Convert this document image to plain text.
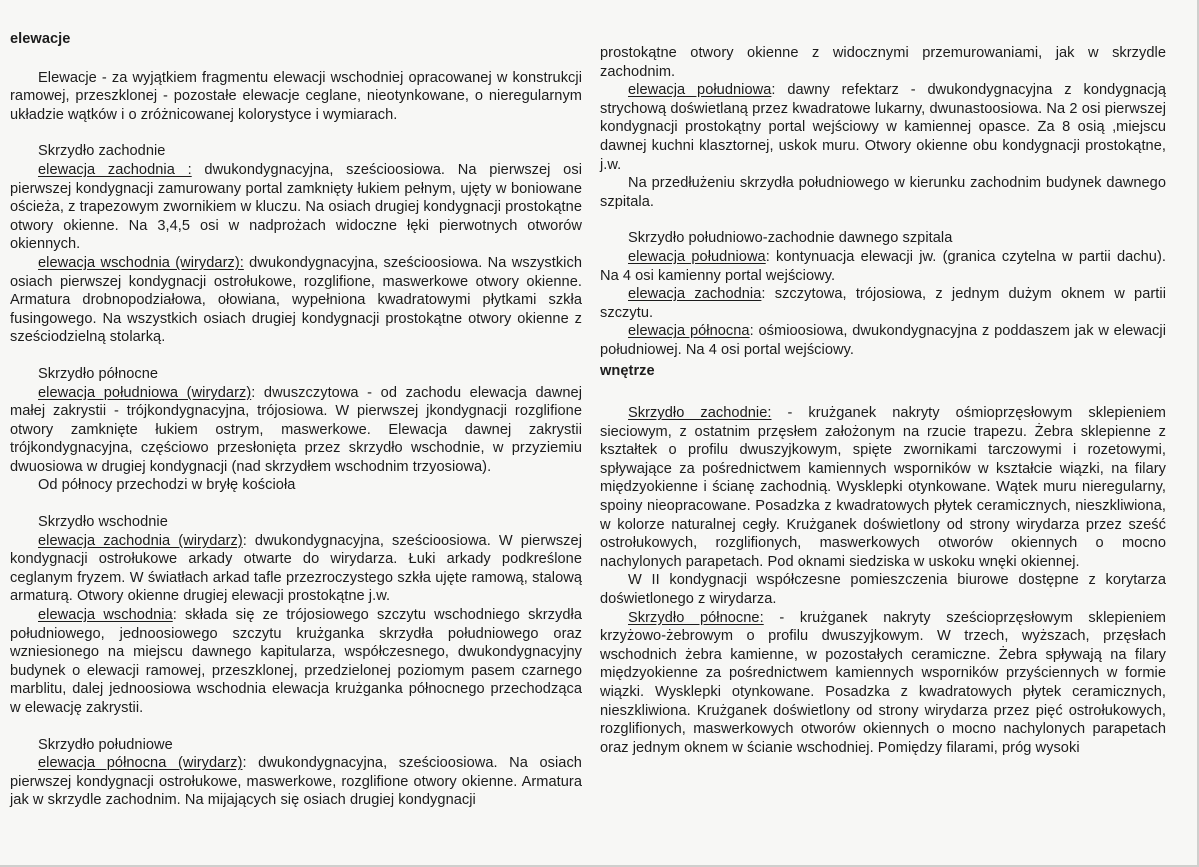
elewacje

Elewacje - za wyjątkiem fragmentu elewacji wschodniej opracowanej w konstrukcji ramowej, przeszklonej - pozostałe elewacje ceglane, nieotynkowane, o nieregularnym układzie wątków i o zróżnicowanej kolorystyce i wymiarach.

Skrzydło zachodnie

elewacja zachodnia : dwukondygnacyjna, sześcioosiowa. Na pierwszej osi pierwszej kondygnacji zamurowany portal zamknięty łukiem pełnym, ujęty w boniowane ościeża, z trapezowym zwornikiem w kluczu. Na osiach drugiej kondygnacji prostokątne otwory okienne. Na 3,4,5 osi w nadprożach widoczne łęki pierwotnych otworów okiennych.

elewacja wschodnia (wirydarz): dwukondygnacyjna, sześcioosiowa. Na wszystkich osiach pierwszej kondygnacji ostrołukowe, rozglifione, maswerkowe otwory okienne. Armatura drobnopodziałowa, ołowiana, wypełniona kwadratowymi płytkami szkła fusingowego. Na wszystkich osiach drugiej kondygnacji prostokątne otwory okienne z sześciodzielną stolarką.

Skrzydło północne

elewacja południowa (wirydarz): dwuszczytowa - od zachodu elewacja dawnej małej zakrystii - trójkondygnacyjna, trójosiowa. W pierwszej jkondygnacji rozglifione otwory zamknięte łukiem ostrym, maswerkowe. Elewacja dawnej zakrystii trójkondygnacyjna, częściowo przesłonięta przez skrzydło wschodnie, w przyziemiu dwuosiowa w drugiej kondygnacji (nad skrzydłem wschodnim trzyosiowa).

Od północy przechodzi w bryłę kościoła

Skrzydło wschodnie

elewacja zachodnia (wirydarz): dwukondygnacyjna, sześcioosiowa. W pierwszej kondygnacji ostrołukowe arkady otwarte do wirydarza. Łuki arkady podkreślone ceglanym fryzem. W światłach arkad tafle przezroczystego szkła ujęte ramową, stalową armaturą. Otwory okienne drugiej elewacji prostokątne j.w.

elewacja wschodnia: składa się ze trójosiowego szczytu wschodniego skrzydła południowego, jednoosiowego szczytu krużganka skrzydła południowego oraz wzniesionego na miejscu dawnego kapitularza, współczesnego, dwukondygnacyjny budynek o elewacji ramowej, przeszklonej, przedzielonej poziomym pasem czarnego marblitu, dalej jednoosiowa wschodnia elewacja krużganka północnego przechodząca w elewację zakrystii.

Skrzydło południowe

elewacja północna (wirydarz): dwukondygnacyjna, sześcioosiowa. Na osiach pierwszej kondygnacji ostrołukowe, maswerkowe, rozglifione otwory okienne. Armatura jak w skrzydle zachodnim. Na mijających się osiach drugiej kondygnacji

prostokątne otwory okienne z widocznymi przemurowaniami, jak w skrzydle zachodnim.

elewacja południowa: dawny refektarz - dwukondygnacyjna z kondygnacją strychową doświetlaną przez kwadratowe lukarny, dwunastoosiowa. Na 2 osi pierwszej kondygnacji prostokątny portal wejściowy w kamiennej opasce. Za 8 osią ,miejscu dawnej kuchni klasztornej, uskok muru. Otwory okienne obu kondygnacji prostokątne, j.w.

Na przedłużeniu skrzydła południowego w kierunku zachodnim budynek dawnego szpitala.

Skrzydło południowo-zachodnie dawnego szpitala

elewacja południowa: kontynuacja elewacji jw. (granica czytelna w partii dachu). Na 4 osi kamienny portal wejściowy.

elewacja zachodnia: szczytowa, trójosiowa, z jednym dużym oknem w partii szczytu.

elewacja północna: ośmioosiowa, dwukondygnacyjna z poddaszem jak w elewacji południowej. Na 4 osi portal wejściowy.

wnętrze

Skrzydło zachodnie: - krużganek nakryty ośmioprzęsłowym sklepieniem sieciowym, z ostatnim przęsłem założonym na rzucie trapezu. Żebra sklepienne z kształtek o profilu dwuszyjkowym, spięte zwornikami tarczowymi i rozetowymi, spływające za pośrednictwem kamiennych wsporników w kształcie wiązki, na filary międzyokienne i ścianę zachodnią. Wysklepki otynkowane. Wątek muru nieregularny, spoiny nieopracowane. Posadzka z kwadratowych płytek ceramicznych, nieszkliwiona, w kolorze naturalnej cegły. Krużganek doświetlony od strony wirydarza przez sześć ostrołukowych, rozglifionych, maswerkowych otworów okiennych o mocno nachylonych parapetach. Pod oknami siedziska w uskoku wnęki okiennej.

W II kondygnacji współczesne pomieszczenia biurowe dostępne z korytarza doświetlonego z wirydarza.

Skrzydło północne: - krużganek nakryty sześcioprzęsłowym sklepieniem krzyżowo-żebrowym o profilu dwuszyjkowym. W trzech, wyższach, przęsłach wschodnich żebra kamienne, w pozostałych ceramiczne. Żebra spływają na filary międzyokienne za pośrednictwem kamiennych wsporników przyściennych w formie wiązki. Wysklepki otynkowane. Posadzka z kwadratowych płytek ceramicznych, nieszkliwiona. Krużganek doświetlony od strony wirydarza przez pięć ostrołukowych, rozglifionych, maswerkowych otworów okiennych o mocno nachylonych parapetach oraz jednym oknem w ścianie wschodniej. Pomiędzy filarami, próg wysoki
